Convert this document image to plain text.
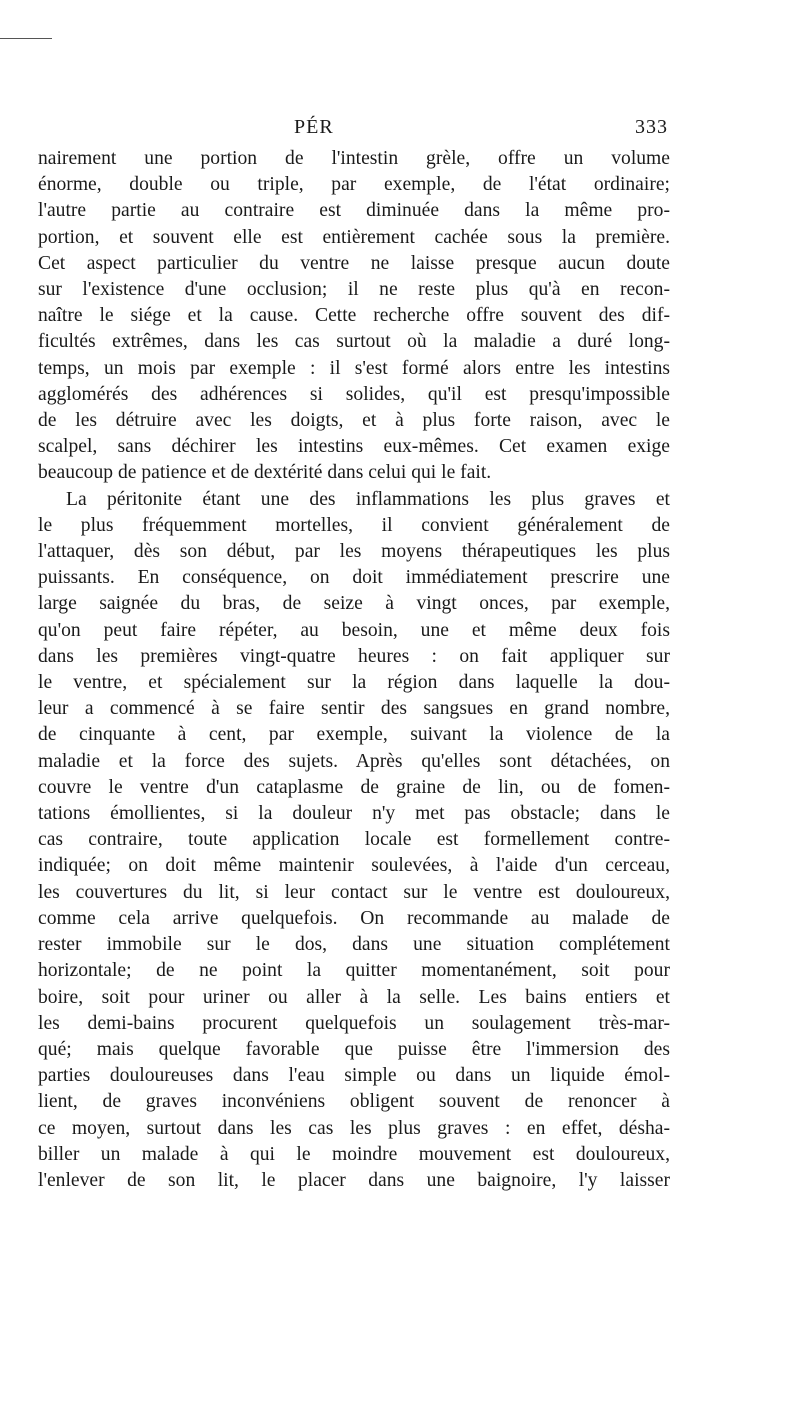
PÉR	333

nairement une portion de l'intestin grèle, offre un volume
énorme, double ou triple, par exemple, de l'état ordinaire;
l'autre partie au contraire est diminuée dans la même pro-
portion, et souvent elle est entièrement cachée sous la première.
Cet aspect particulier du ventre ne laisse presque aucun doute
sur l'existence d'une occlusion; il ne reste plus qu'à en recon-
naître le siége et la cause. Cette recherche offre souvent des dif-
ficultés extrêmes, dans les cas surtout où la maladie a duré long-
temps, un mois par exemple : il s'est formé alors entre les intestins
agglomérés des adhérences si solides, qu'il est presqu'impossible
de les détruire avec les doigts, et à plus forte raison, avec le
scalpel, sans déchirer les intestins eux-mêmes. Cet examen exige
beaucoup de patience et de dextérité dans celui qui le fait.

La péritonite étant une des inflammations les plus graves et
le plus fréquemment mortelles, il convient généralement de
l'attaquer, dès son début, par les moyens thérapeutiques les plus
puissants. En conséquence, on doit immédiatement prescrire une
large saignée du bras, de seize à vingt onces, par exemple,
qu'on peut faire répéter, au besoin, une et même deux fois
dans les premières vingt-quatre heures : on fait appliquer sur
le ventre, et spécialement sur la région dans laquelle la dou-
leur a commencé à se faire sentir des sangsues en grand nombre,
de cinquante à cent, par exemple, suivant la violence de la
maladie et la force des sujets. Après qu'elles sont détachées, on
couvre le ventre d'un cataplasme de graine de lin, ou de fomen-
tations émollientes, si la douleur n'y met pas obstacle; dans le
cas contraire, toute application locale est formellement contre-
indiquée; on doit même maintenir soulevées, à l'aide d'un cerceau,
les couvertures du lit, si leur contact sur le ventre est douloureux,
comme cela arrive quelquefois. On recommande au malade de
rester immobile sur le dos, dans une situation complétement
horizontale; de ne point la quitter momentanément, soit pour
boire, soit pour uriner ou aller à la selle. Les bains entiers et
les demi-bains procurent quelquefois un soulagement très-mar-
qué; mais quelque favorable que puisse être l'immersion des
parties douloureuses dans l'eau simple ou dans un liquide émol-
lient, de graves inconvéniens obligent souvent de renoncer à
ce moyen, surtout dans les cas les plus graves : en effet, désha-
biller un malade à qui le moindre mouvement est douloureux,
l'enlever de son lit, le placer dans une baignoire, l'y laisser
